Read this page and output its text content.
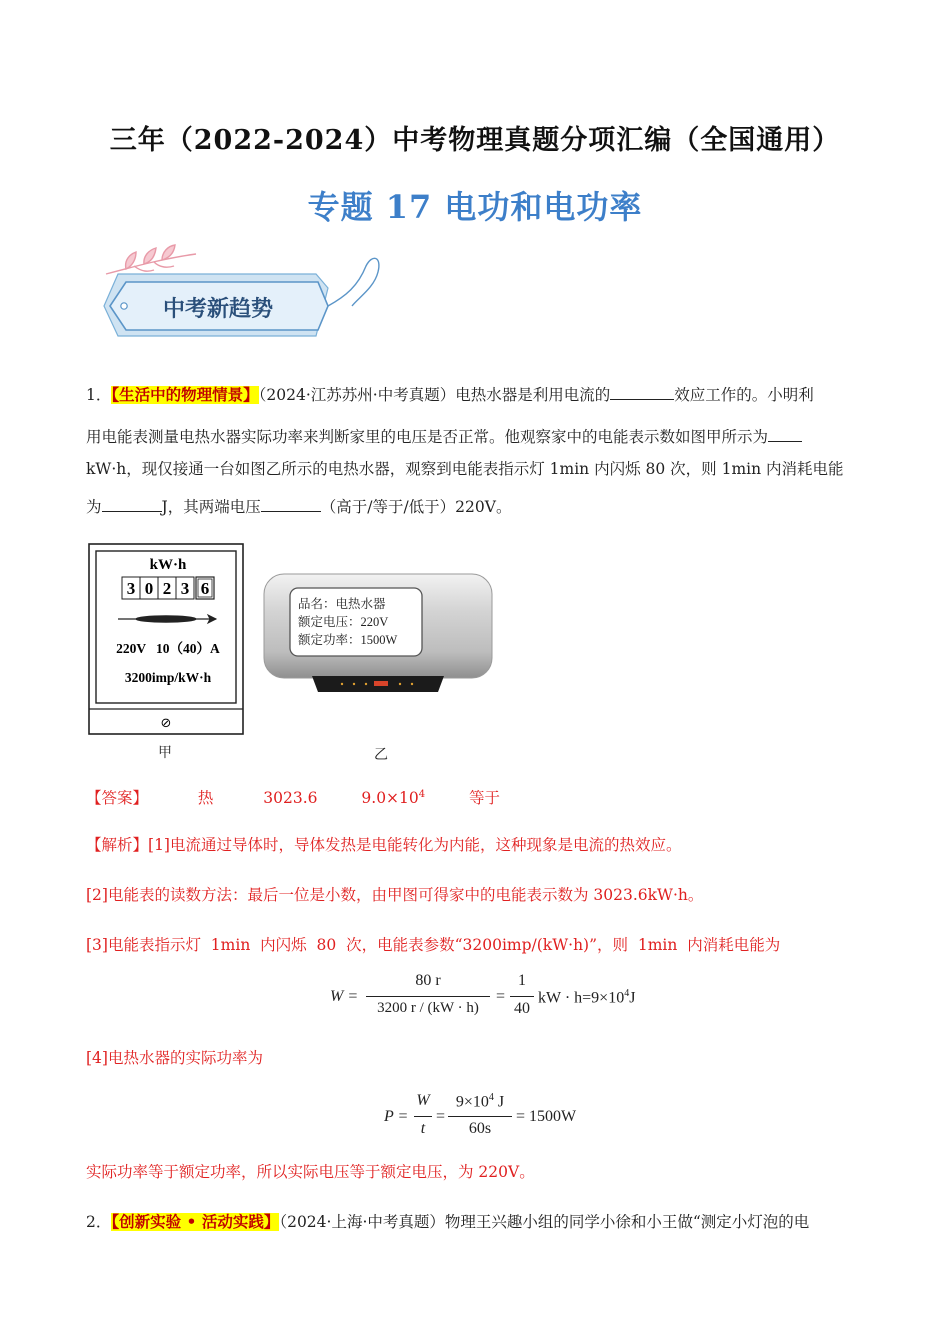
三年（2022-2024）中考物理真题分项汇编（全国通用）
专题 17 电功和电功率
中考新趋势
1．【生活中的物理情景】（2024·江苏苏州·中考真题）电热水器是利用电流的	效应工作的。小明利
用电能表测量电热水器实际功率来判断家里的电压是否正常。他观察家中的电能表示数如图甲所示为
kW·h，现仅接通一台如图乙所示的电热水器，观察到电能表指示灯 1min 内闪烁 80 次，则 1min 内消耗电能
为	J，其两端电压	（高于/等于/低于）220V。
kW·h
3 0 2 3 6
220V   10（40）A
3200imp/kW·h
⊘
甲
品名：电热水器
额定电压：220V
额定功率：1500W
乙
【答案】	热	3023.6	$9.0\times 10^4$	等于
【解析】[1]电流通过导体时，导体发热是电能转化为内能，这种现象是电流的热效应。
[2]电能表的读数方法：最后一位是小数，由甲图可得家中的电能表示数为 3023.6kW·h。
[3]电能表指示灯  1min  内闪烁  80  次，电能表参数“3200imp/(kW·h)”，则  1min  内消耗电能为
W =
80 r
3200 r / (kW · h)
=
1
40
kW · $h=9\times 10^4J$
[4]电热水器的实际功率为
P =
W
t
=
$9\times 10^4$ J
60s
= 1500W
实际功率等于额定功率，所以实际电压等于额定电压，为 220V。
2．【创新实验 • 活动实践】（2024·上海·中考真题）物理王兴趣小组的同学小徐和小王做“测定小灯泡的电
